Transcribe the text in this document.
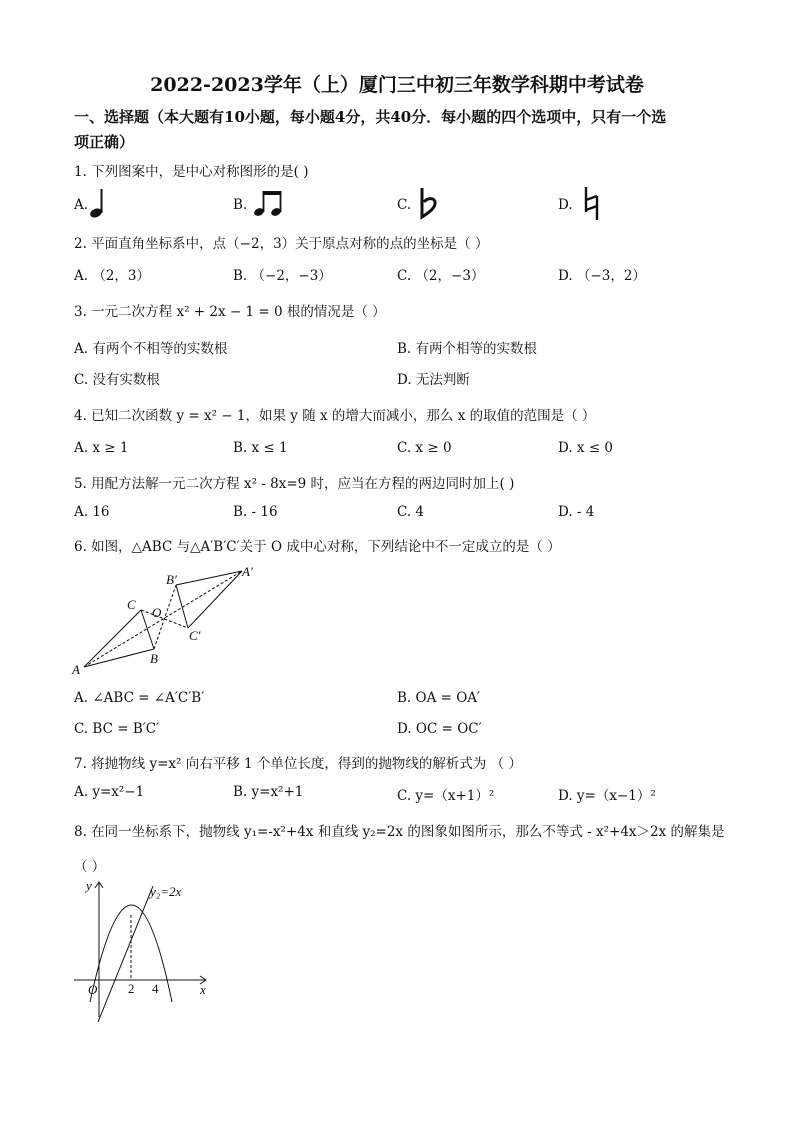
2022-2023学年（上）厦门三中初三年数学科期中考试卷
一、选择题（本大题有10小题，每小题4分，共40分．每小题的四个选项中，只有一个选
项正确）
1. 下列图案中，是中心对称图形的是( )
A.	B.	C.	D.
2. 平面直角坐标系中，点（−2，3）关于原点对称的点的坐标是（ ）
A. （2，3）	B. （−2，−3）	C. （2，−3）	D. （−3，2）
3. 一元二次方程 x² + 2x − 1 = 0 根的情况是（ ）
A. 有两个不相等的实数根	B. 有两个相等的实数根
C. 没有实数根	D. 无法判断
4. 已知二次函数 y = x² − 1，如果 y 随 x 的增大而减小，那么 x 的取值的范围是（ ）
A. x ≥ 1	B. x ≤ 1	C. x ≥ 0	D. x ≤ 0
5. 用配方法解一元二次方程 x² - 8x=9 时，应当在方程的两边同时加上( )
A. 16	B. - 16	C. 4	D. - 4
6. 如图，△ABC 与△A′B′C′关于 O 成中心对称，下列结论中不一定成立的是（ ）
A
B
C
O
A′
B′
C′
A. ∠ABC = ∠A′C′B′	B. OA = OA′
C. BC = B′C′	D. OC = OC′
7. 将抛物线 y=x² 向右平移 1 个单位长度，得到的抛物线的解析式为 （ ）
A. y=x²−1	B. y=x²+1	C. y=（x+1）²	D. y=（x−1）²
8. 在同一坐标系下，抛物线 y₁=-x²+4x 和直线 y₂=2x 的图象如图所示，那么不等式 - x²+4x＞2x 的解集是
（ ）
y
x
O 2 4
y₂=2x
